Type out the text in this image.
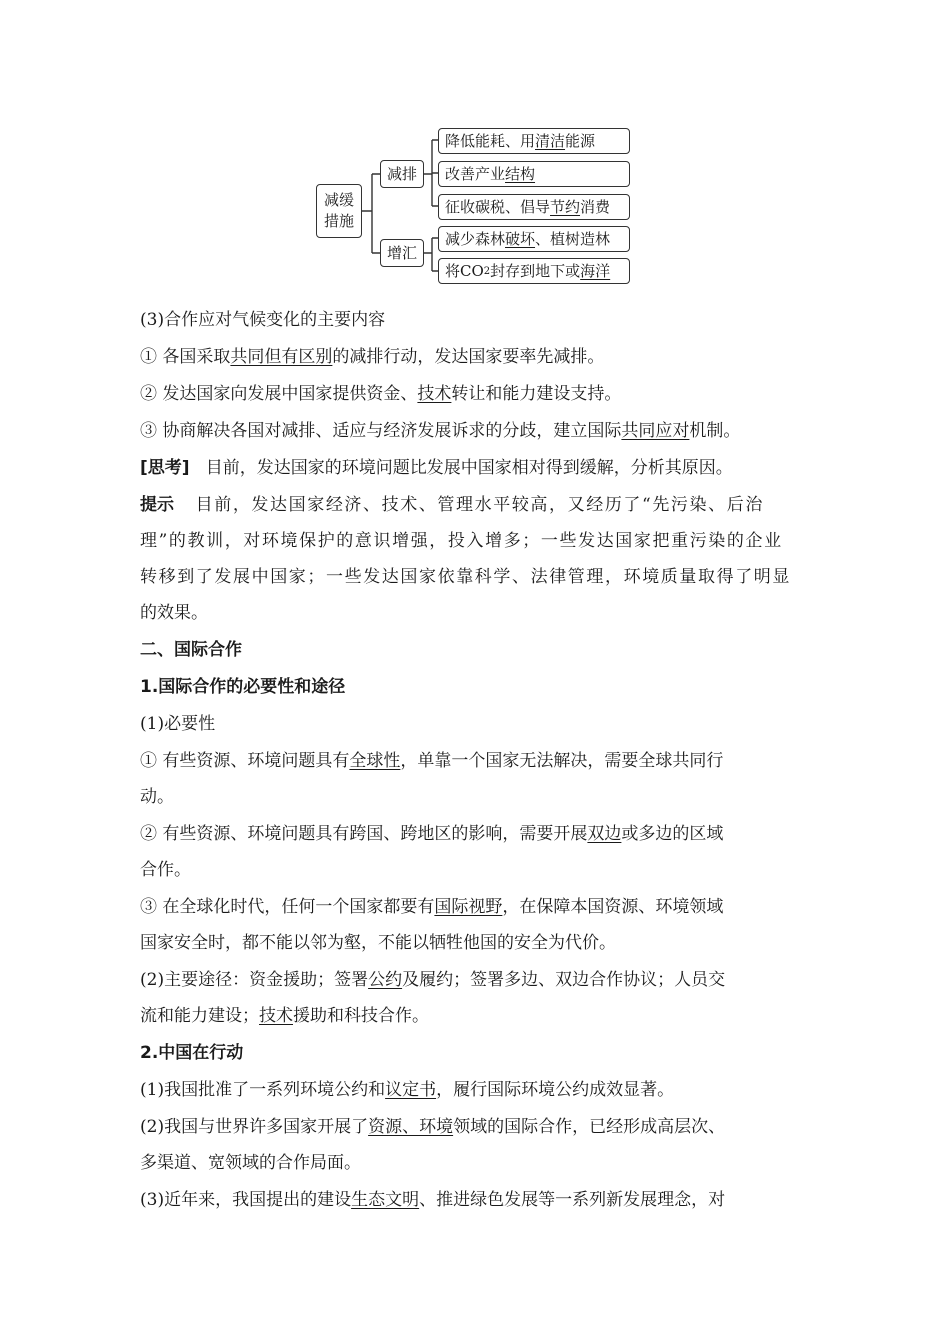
减缓
措施
减排
增汇
降低能耗、用 清洁 能源
改善产业 结构
征收碳税、倡导 节约 消费
减少森林 破坏 、植树造林
将CO 2 封存到地下或 海洋
(3)合作应对气候变化的主要内容
① 各国采取共同但有区别的减排行动，发达国家要率先减排。
② 发达国家向发展中国家提供资金、技术转让和能力建设支持。
③ 协商解决各国对减排、适应与经济发展诉求的分歧，建立国际共同应对机制。
[思考] 目前，发达国家的环境问题比发展中国家相对得到缓解，分析其原因。
提示 目前，发达国家经济、技术、管理水平较高，又经历了“先污染、后治
理”的教训，对环境保护的意识增强，投入增多；一些发达国家把重污染的企业
转移到了发展中国家；一些发达国家依靠科学、法律管理，环境质量取得了明显
的效果。
二、国际合作
1.国际合作的必要性和途径
(1)必要性
① 有些资源、环境问题具有全球性，单靠一个国家无法解决，需要全球共同行
动。
② 有些资源、环境问题具有跨国、跨地区的影响，需要开展双边或多边的区域
合作。
③ 在全球化时代，任何一个国家都要有国际视野，在保障本国资源、环境领域
国家安全时，都不能以邻为壑，不能以牺牲他国的安全为代价。
(2)主要途径：资金援助；签署公约及履约；签署多边、双边合作协议；人员交
流和能力建设；技术援助和科技合作。
2.中国在行动
(1)我国批准了一系列环境公约和议定书，履行国际环境公约成效显著。
(2)我国与世界许多国家开展了资源、环境领域的国际合作，已经形成高层次、
多渠道、宽领域的合作局面。
(3)近年来，我国提出的建设生态文明、推进绿色发展等一系列新发展理念，对
